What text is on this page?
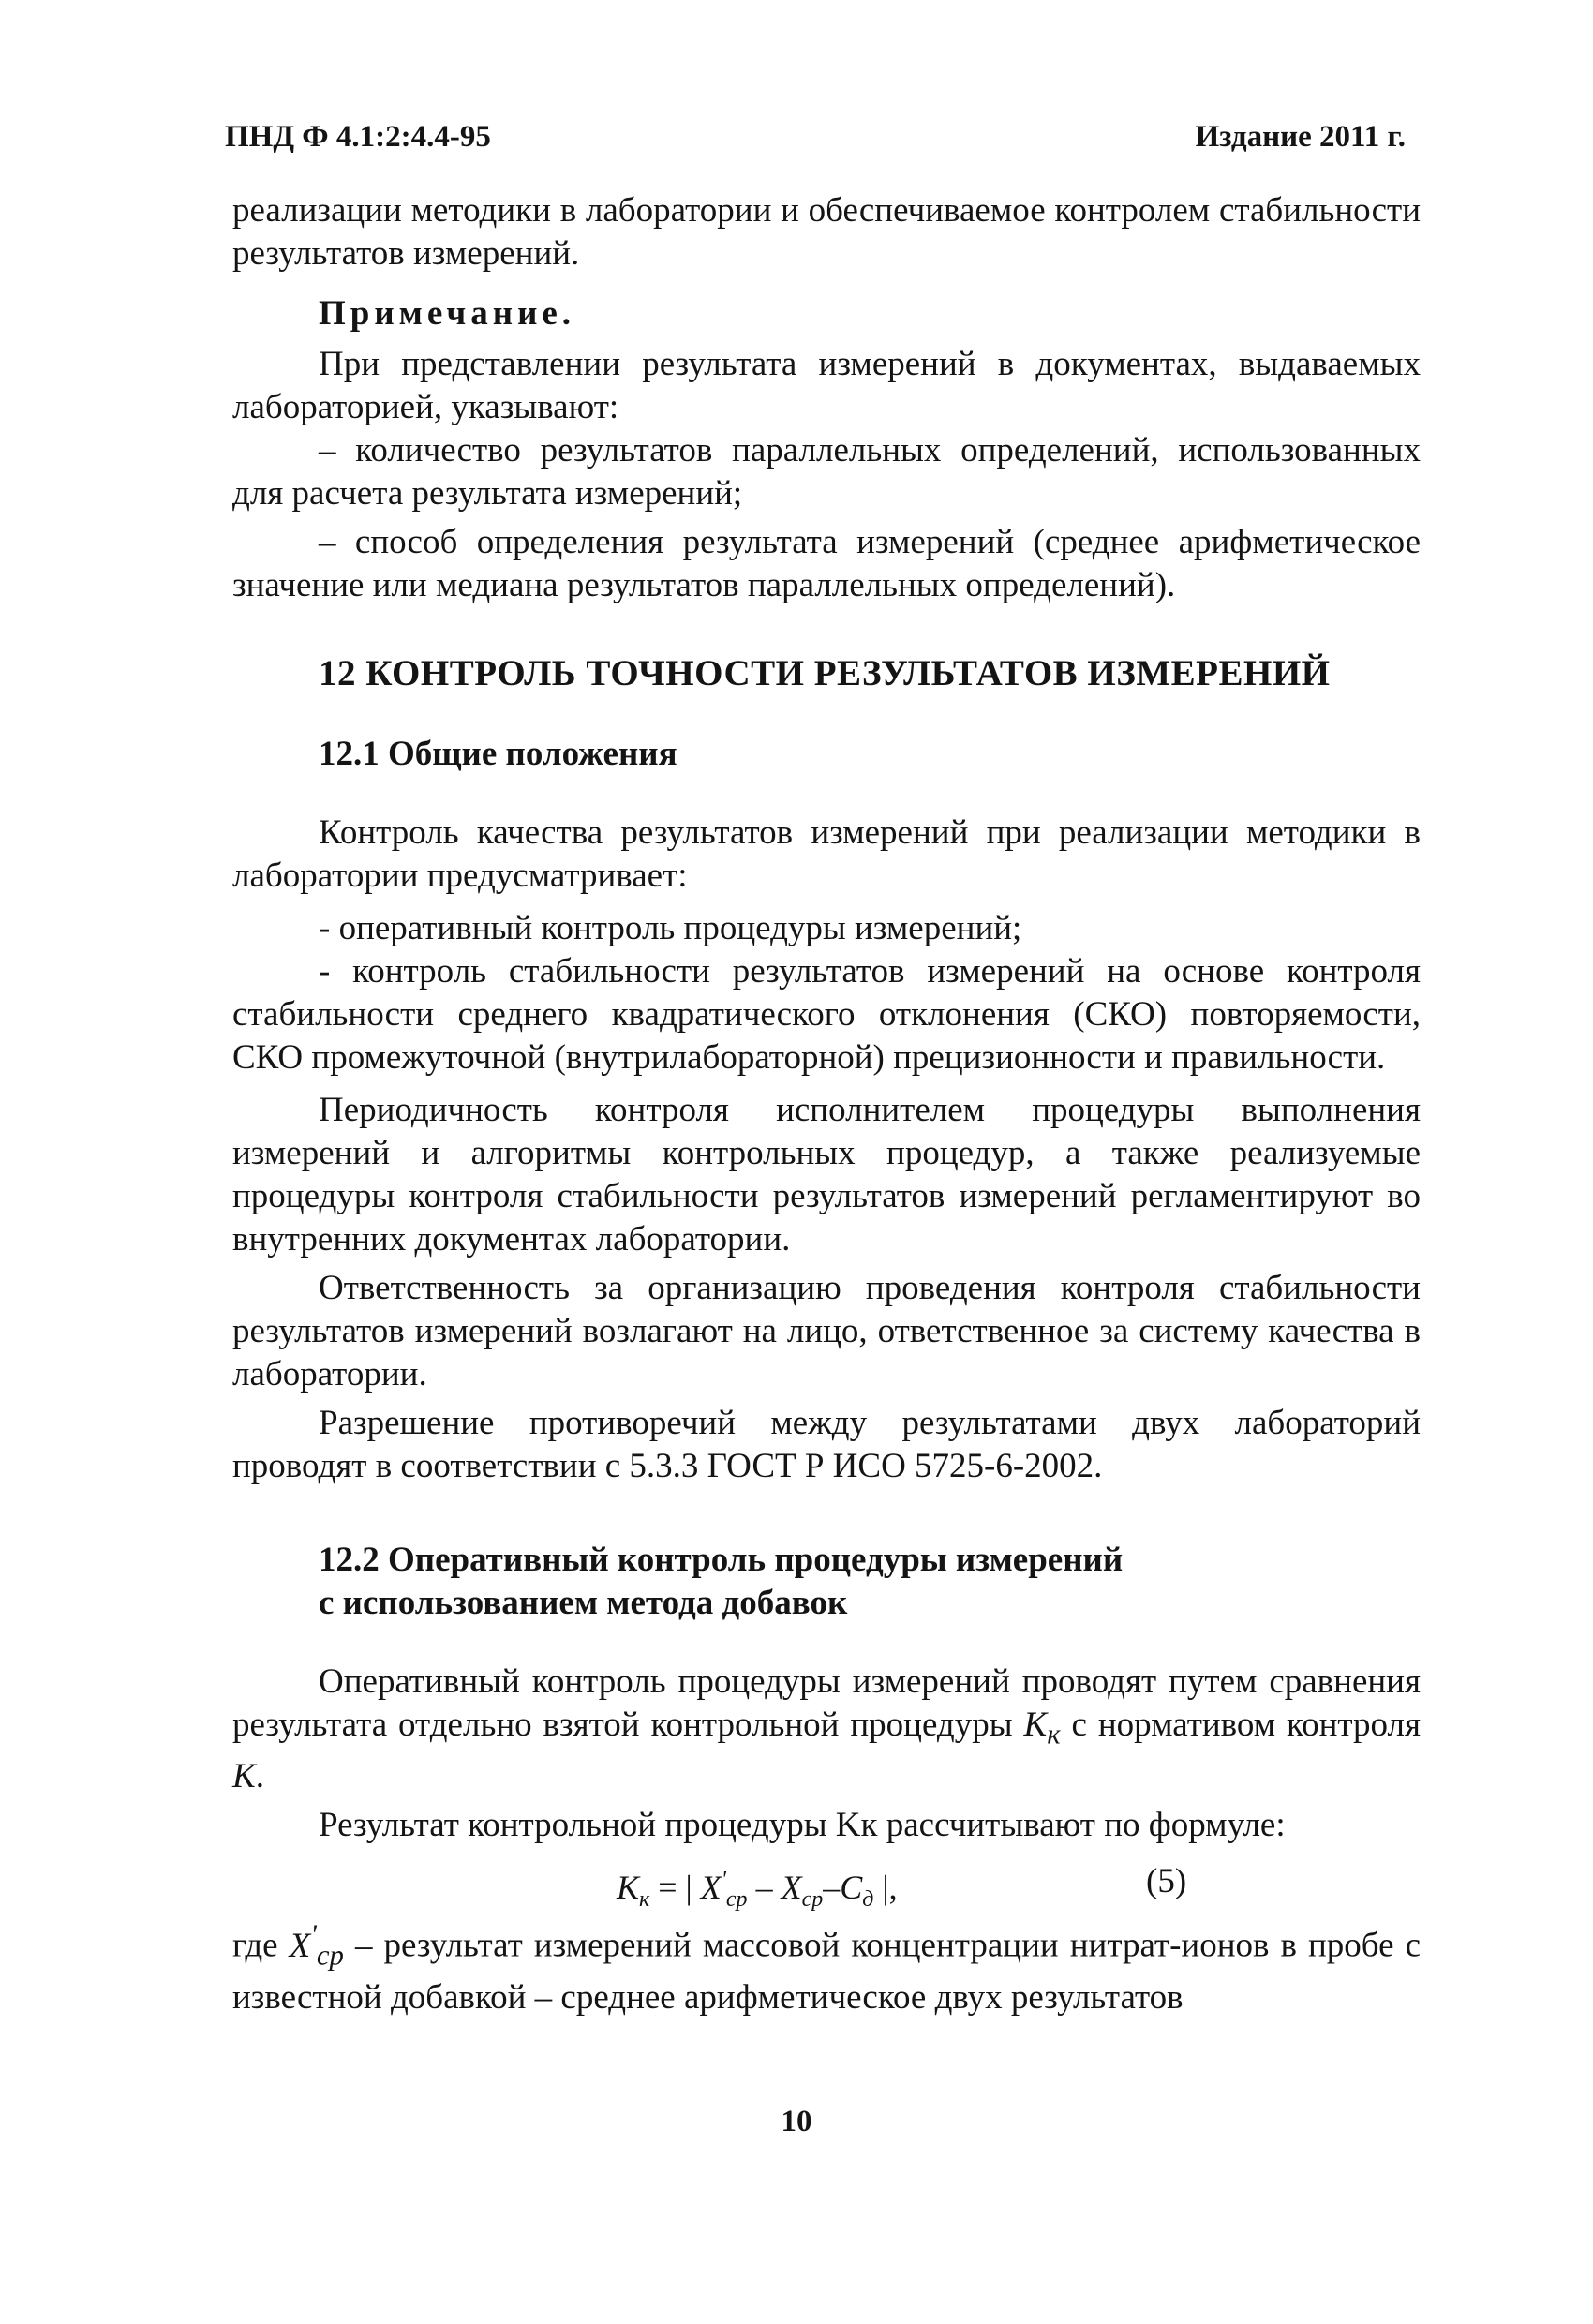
ПНД Ф 4.1:2:4.4-95	Издание 2011 г.

реализации методики в лаборатории и обеспечиваемое контролем стабильности результатов измерений.

Примечание.

При представлении результата измерений в документах, выдаваемых лабораторией, указывают:

– количество результатов параллельных определений, использованных для расчета результата измерений;

– способ определения результата измерений (среднее арифметическое значение или медиана результатов параллельных определений).

12 КОНТРОЛЬ ТОЧНОСТИ РЕЗУЛЬТАТОВ ИЗМЕРЕНИЙ
12.1 Общие положения

Контроль качества результатов измерений при реализации методики в лаборатории предусматривает:

- оперативный контроль процедуры измерений;

- контроль стабильности результатов измерений на основе контроля стабильности среднего квадратического отклонения (СКО) повторяемости, СКО промежуточной (внутрилабораторной) прецизионности и правильности.

Периодичность контроля исполнителем процедуры выполнения измерений и алгоритмы контрольных процедур, а также реализуемые процедуры контроля стабильности результатов измерений регламентируют во внутренних документах лаборатории.

Ответственность за организацию проведения контроля стабильности результатов измерений возлагают на лицо, ответственное за систему качества в лаборатории.

Разрешение противоречий между результатами двух лабораторий проводят в соответствии с 5.3.3 ГОСТ Р ИСО 5725-6-2002.

12.2 Оперативный контроль процедуры измерений
с использованием метода добавок

Оперативный контроль процедуры измерений проводят путем сравнения результата отдельно взятой контрольной процедуры $K_к$ с нормативом контроля K.

Результат контрольной процедуры Kк рассчитывают по формуле:

$K_к$ = | $X'_{ср} - X_{ср}-C_д$ |,	(5)

где $X'_{ср}$ – результат измерений массовой концентрации нитрат-ионов в пробе с известной добавкой – среднее арифметическое двух результатов

10
